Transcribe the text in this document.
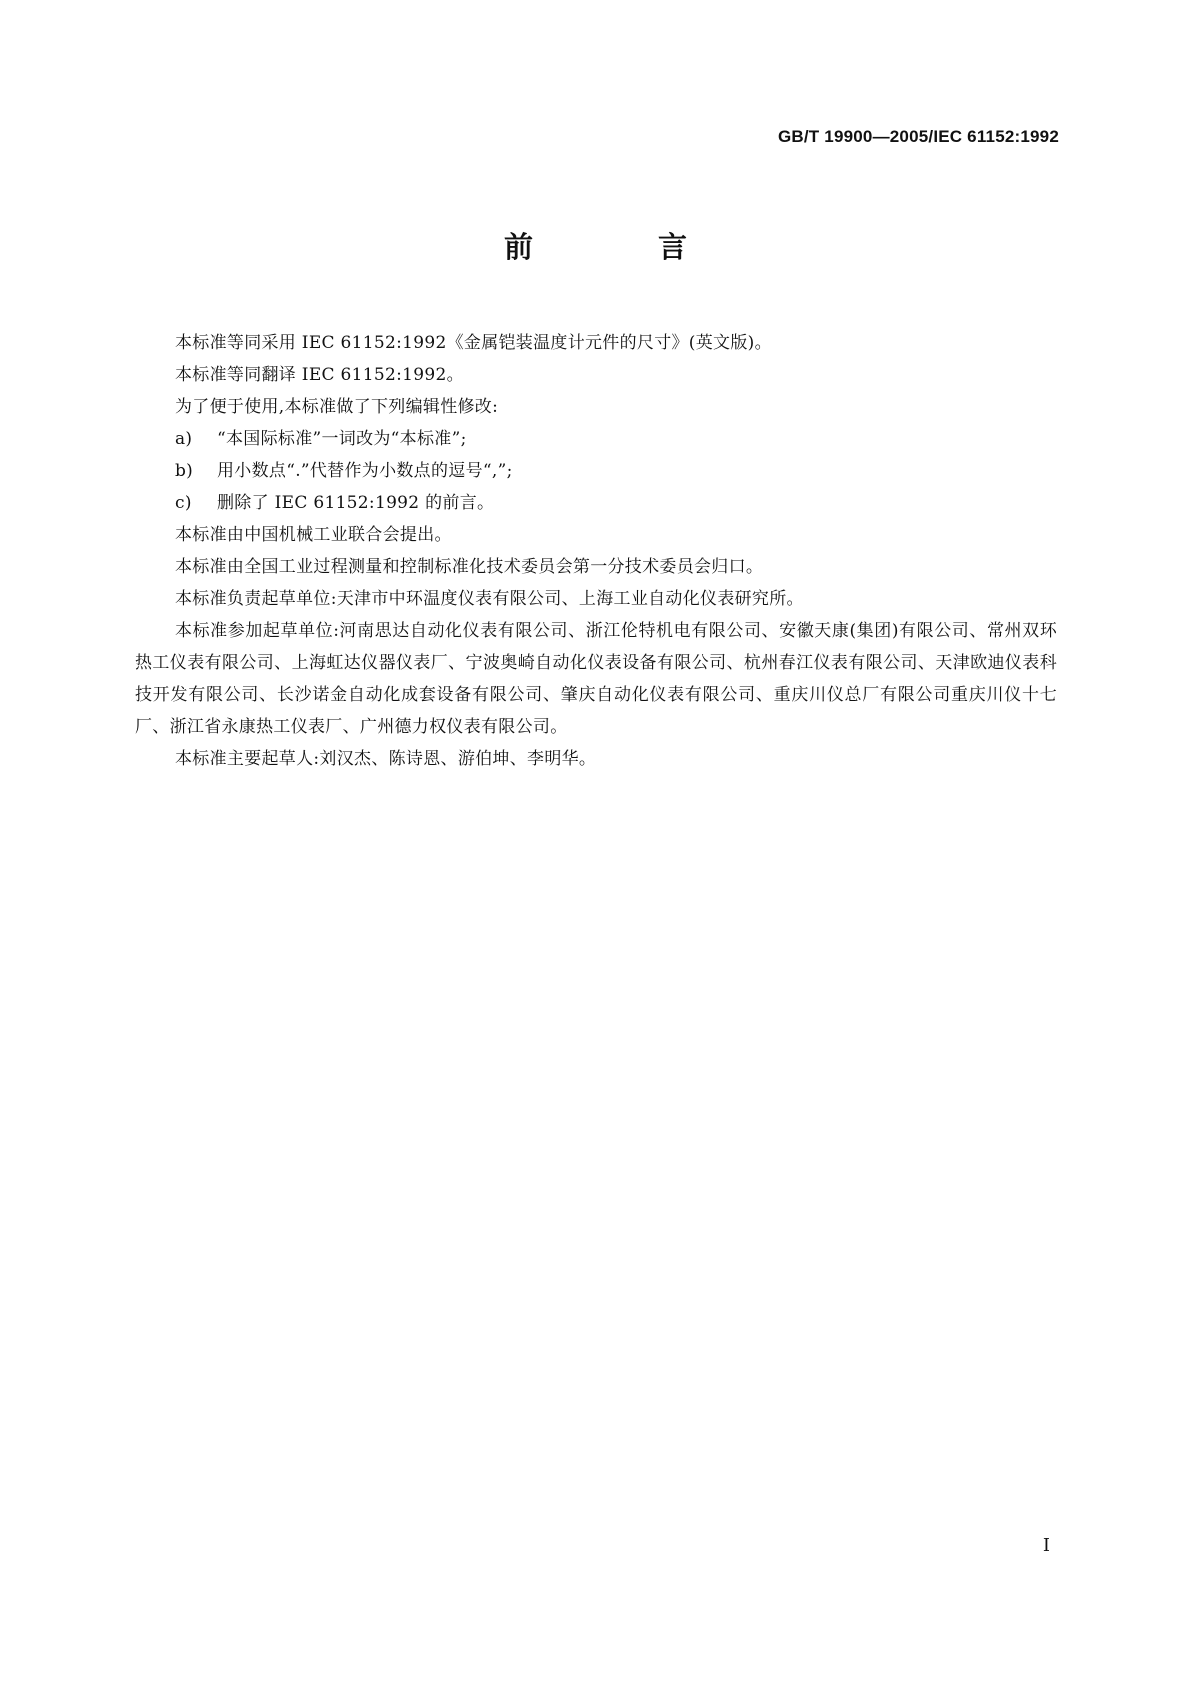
GB/T 19900—2005/IEC 61152:1992
前　言

本标准等同采用 IEC 61152:1992《金属铠装温度计元件的尺寸》(英文版)。

本标准等同翻译 IEC 61152:1992。

为了便于使用,本标准做了下列编辑性修改:

a) “本国际标准”一词改为“本标准”;

b) 用小数点“.”代替作为小数点的逗号“,”;

c) 删除了 IEC 61152:1992 的前言。

本标准由中国机械工业联合会提出。

本标准由全国工业过程测量和控制标准化技术委员会第一分技术委员会归口。

本标准负责起草单位:天津市中环温度仪表有限公司、上海工业自动化仪表研究所。

本标准参加起草单位:河南思达自动化仪表有限公司、浙江伦特机电有限公司、安徽天康(集团)有限公司、常州双环热工仪表有限公司、上海虹达仪器仪表厂、宁波奥崎自动化仪表设备有限公司、杭州春江仪表有限公司、天津欧迪仪表科技开发有限公司、长沙诺金自动化成套设备有限公司、肇庆自动化仪表有限公司、重庆川仪总厂有限公司重庆川仪十七厂、浙江省永康热工仪表厂、广州德力权仪表有限公司。

本标准主要起草人:刘汉杰、陈诗恩、游伯坤、李明华。

I
